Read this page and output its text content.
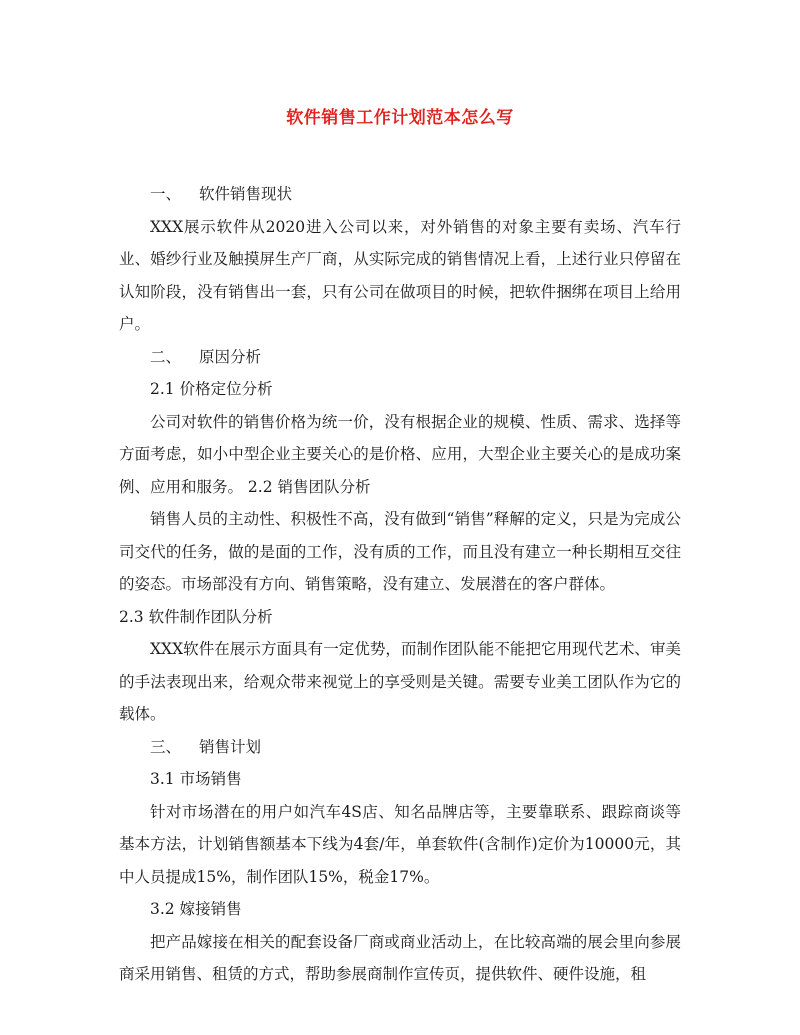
软件销售工作计划范本怎么写
一、 软件销售现状

XXX展示软件从2020进入公司以来，对外销售的对象主要有卖场、汽车行业、婚纱行业及触摸屏生产厂商，从实际完成的销售情况上看，上述行业只停留在认知阶段，没有销售出一套，只有公司在做项目的时候，把软件捆绑在项目上给用户。

二、 原因分析
2.1 价格定位分析

公司对软件的销售价格为统一价，没有根据企业的规模、性质、需求、选择等方面考虑，如小中型企业主要关心的是价格、应用，大型企业主要关心的是成功案例、应用和服务。 2.2 销售团队分析

销售人员的主动性、积极性不高，没有做到“销售”释解的定义，只是为完成公司交代的任务，做的是面的工作，没有质的工作，而且没有建立一种长期相互交往的姿态。市场部没有方向、销售策略，没有建立、发展潜在的客户群体。

2.3 软件制作团队分析

XXX软件在展示方面具有一定优势，而制作团队能不能把它用现代艺术、审美的手法表现出来，给观众带来视觉上的享受则是关键。需要专业美工团队作为它的载体。

三、 销售计划
3.1 市场销售

针对市场潜在的用户如汽车4S店、知名品牌店等，主要靠联系、跟踪商谈等基本方法，计划销售额基本下线为4套/年，单套软件(含制作)定价为10000元，其中人员提成15%，制作团队15%，税金17%。

3.2 嫁接销售

把产品嫁接在相关的配套设备厂商或商业活动上，在比较高端的展会里向参展商采用销售、租赁的方式，帮助参展商制作宣传页，提供软件、硬件设施，租
